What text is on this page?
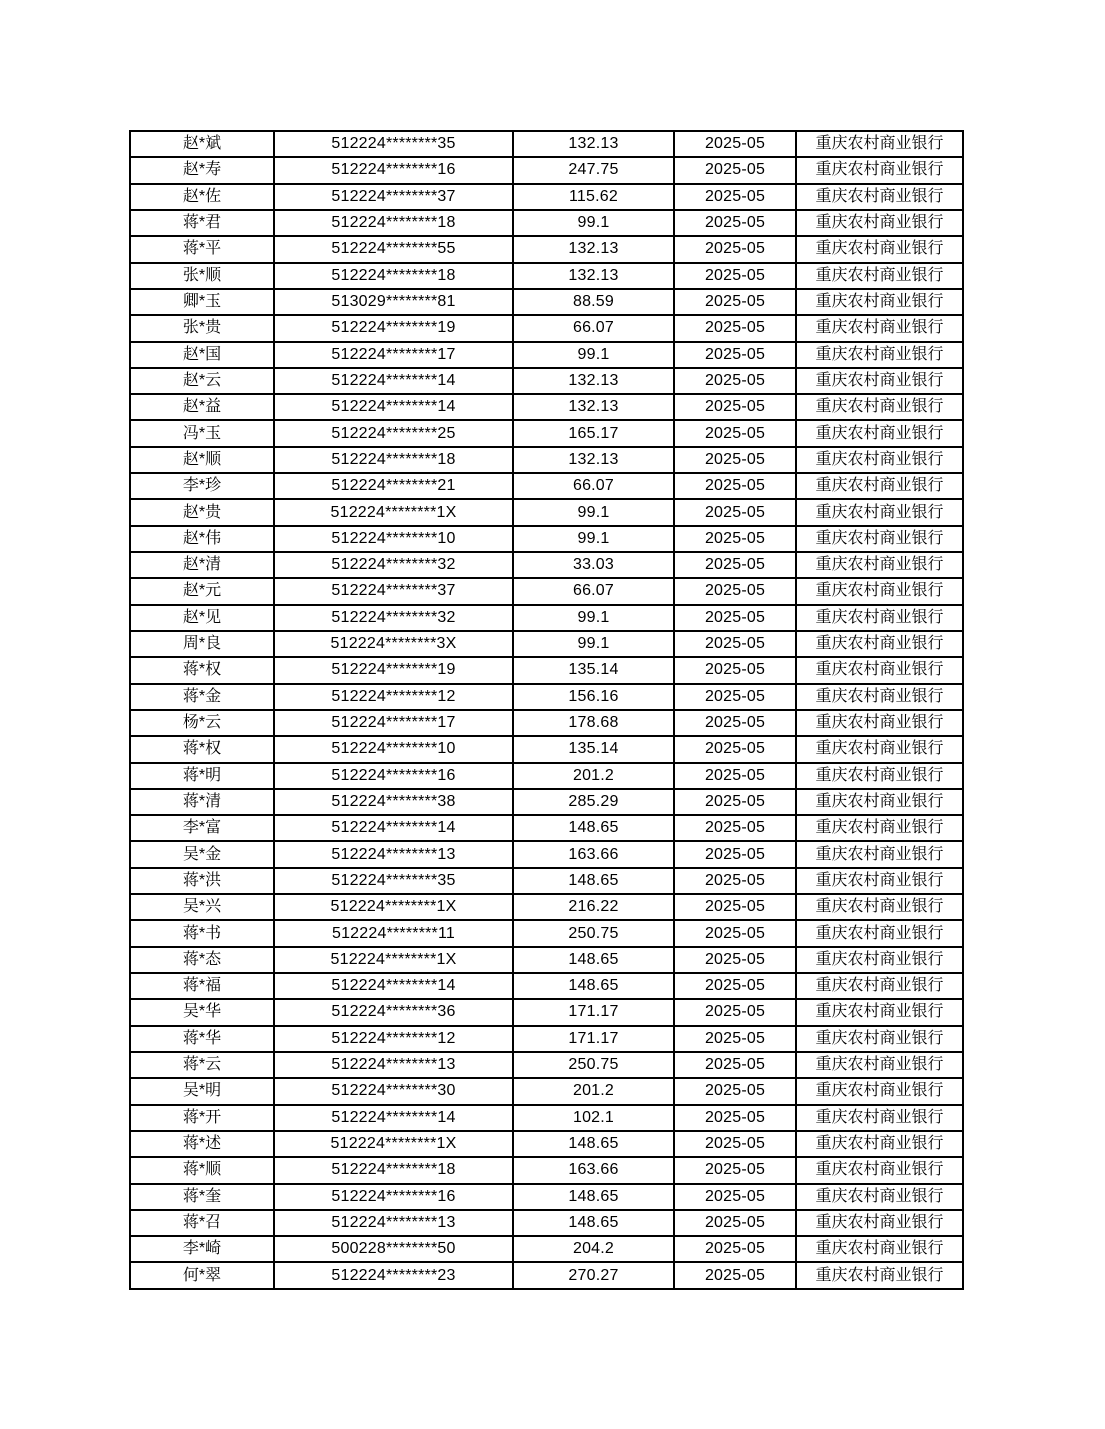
赵*斌	512224********35	132.13	2025-05	重庆农村商业银行
赵*寿	512224********16	247.75	2025-05	重庆农村商业银行
赵*佐	512224********37	115.62	2025-05	重庆农村商业银行
蒋*君	512224********18	99.1	2025-05	重庆农村商业银行
蒋*平	512224********55	132.13	2025-05	重庆农村商业银行
张*顺	512224********18	132.13	2025-05	重庆农村商业银行
卿*玉	513029********81	88.59	2025-05	重庆农村商业银行
张*贵	512224********19	66.07	2025-05	重庆农村商业银行
赵*国	512224********17	99.1	2025-05	重庆农村商业银行
赵*云	512224********14	132.13	2025-05	重庆农村商业银行
赵*益	512224********14	132.13	2025-05	重庆农村商业银行
冯*玉	512224********25	165.17	2025-05	重庆农村商业银行
赵*顺	512224********18	132.13	2025-05	重庆农村商业银行
李*珍	512224********21	66.07	2025-05	重庆农村商业银行
赵*贵	512224********1X	99.1	2025-05	重庆农村商业银行
赵*伟	512224********10	99.1	2025-05	重庆农村商业银行
赵*清	512224********32	33.03	2025-05	重庆农村商业银行
赵*元	512224********37	66.07	2025-05	重庆农村商业银行
赵*见	512224********32	99.1	2025-05	重庆农村商业银行
周*良	512224********3X	99.1	2025-05	重庆农村商业银行
蒋*权	512224********19	135.14	2025-05	重庆农村商业银行
蒋*金	512224********12	156.16	2025-05	重庆农村商业银行
杨*云	512224********17	178.68	2025-05	重庆农村商业银行
蒋*权	512224********10	135.14	2025-05	重庆农村商业银行
蒋*明	512224********16	201.2	2025-05	重庆农村商业银行
蒋*清	512224********38	285.29	2025-05	重庆农村商业银行
李*富	512224********14	148.65	2025-05	重庆农村商业银行
吴*金	512224********13	163.66	2025-05	重庆农村商业银行
蒋*洪	512224********35	148.65	2025-05	重庆农村商业银行
吴*兴	512224********1X	216.22	2025-05	重庆农村商业银行
蒋*书	512224********11	250.75	2025-05	重庆农村商业银行
蒋*态	512224********1X	148.65	2025-05	重庆农村商业银行
蒋*福	512224********14	148.65	2025-05	重庆农村商业银行
吴*华	512224********36	171.17	2025-05	重庆农村商业银行
蒋*华	512224********12	171.17	2025-05	重庆农村商业银行
蒋*云	512224********13	250.75	2025-05	重庆农村商业银行
吴*明	512224********30	201.2	2025-05	重庆农村商业银行
蒋*开	512224********14	102.1	2025-05	重庆农村商业银行
蒋*述	512224********1X	148.65	2025-05	重庆农村商业银行
蒋*顺	512224********18	163.66	2025-05	重庆农村商业银行
蒋*奎	512224********16	148.65	2025-05	重庆农村商业银行
蒋*召	512224********13	148.65	2025-05	重庆农村商业银行
李*崎	500228********50	204.2	2025-05	重庆农村商业银行
何*翠	512224********23	270.27	2025-05	重庆农村商业银行
